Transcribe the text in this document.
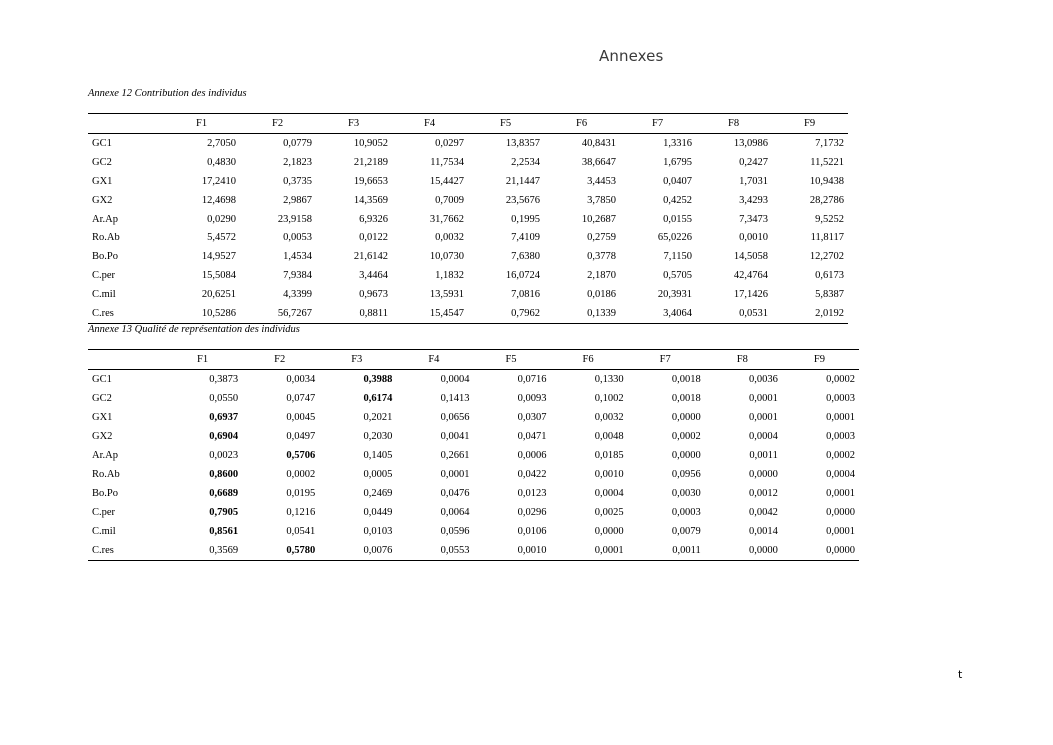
Annexes
Annexe 12 Contribution des individus
	F1	F2	F3	F4	F5	F6	F7	F8	F9
GC1	2,7050	0,0779	10,9052	0,0297	13,8357	40,8431	1,3316	13,0986	7,1732
GC2	0,4830	2,1823	21,2189	11,7534	2,2534	38,6647	1,6795	0,2427	11,5221
GX1	17,2410	0,3735	19,6653	15,4427	21,1447	3,4453	0,0407	1,7031	10,9438
GX2	12,4698	2,9867	14,3569	0,7009	23,5676	3,7850	0,4252	3,4293	28,2786
Ar.Ap	0,0290	23,9158	6,9326	31,7662	0,1995	10,2687	0,0155	7,3473	9,5252
Ro.Ab	5,4572	0,0053	0,0122	0,0032	7,4109	0,2759	65,0226	0,0010	11,8117
Bo.Po	14,9527	1,4534	21,6142	10,0730	7,6380	0,3778	7,1150	14,5058	12,2702
C.per	15,5084	7,9384	3,4464	1,1832	16,0724	2,1870	0,5705	42,4764	0,6173
C.mil	20,6251	4,3399	0,9673	13,5931	7,0816	0,0186	20,3931	17,1426	5,8387
C.res	10,5286	56,7267	0,8811	15,4547	0,7962	0,1339	3,4064	0,0531	2,0192
Annexe 13 Qualité de représentation des individus
	F1	F2	F3	F4	F5	F6	F7	F8	F9
GC1	0,3873	0,0034	0,3988	0,0004	0,0716	0,1330	0,0018	0,0036	0,0002
GC2	0,0550	0,0747	0,6174	0,1413	0,0093	0,1002	0,0018	0,0001	0,0003
GX1	0,6937	0,0045	0,2021	0,0656	0,0307	0,0032	0,0000	0,0001	0,0001
GX2	0,6904	0,0497	0,2030	0,0041	0,0471	0,0048	0,0002	0,0004	0,0003
Ar.Ap	0,0023	0,5706	0,1405	0,2661	0,0006	0,0185	0,0000	0,0011	0,0002
Ro.Ab	0,8600	0,0002	0,0005	0,0001	0,0422	0,0010	0,0956	0,0000	0,0004
Bo.Po	0,6689	0,0195	0,2469	0,0476	0,0123	0,0004	0,0030	0,0012	0,0001
C.per	0,7905	0,1216	0,0449	0,0064	0,0296	0,0025	0,0003	0,0042	0,0000
C.mil	0,8561	0,0541	0,0103	0,0596	0,0106	0,0000	0,0079	0,0014	0,0001
C.res	0,3569	0,5780	0,0076	0,0553	0,0010	0,0001	0,0011	0,0000	0,0000
t
